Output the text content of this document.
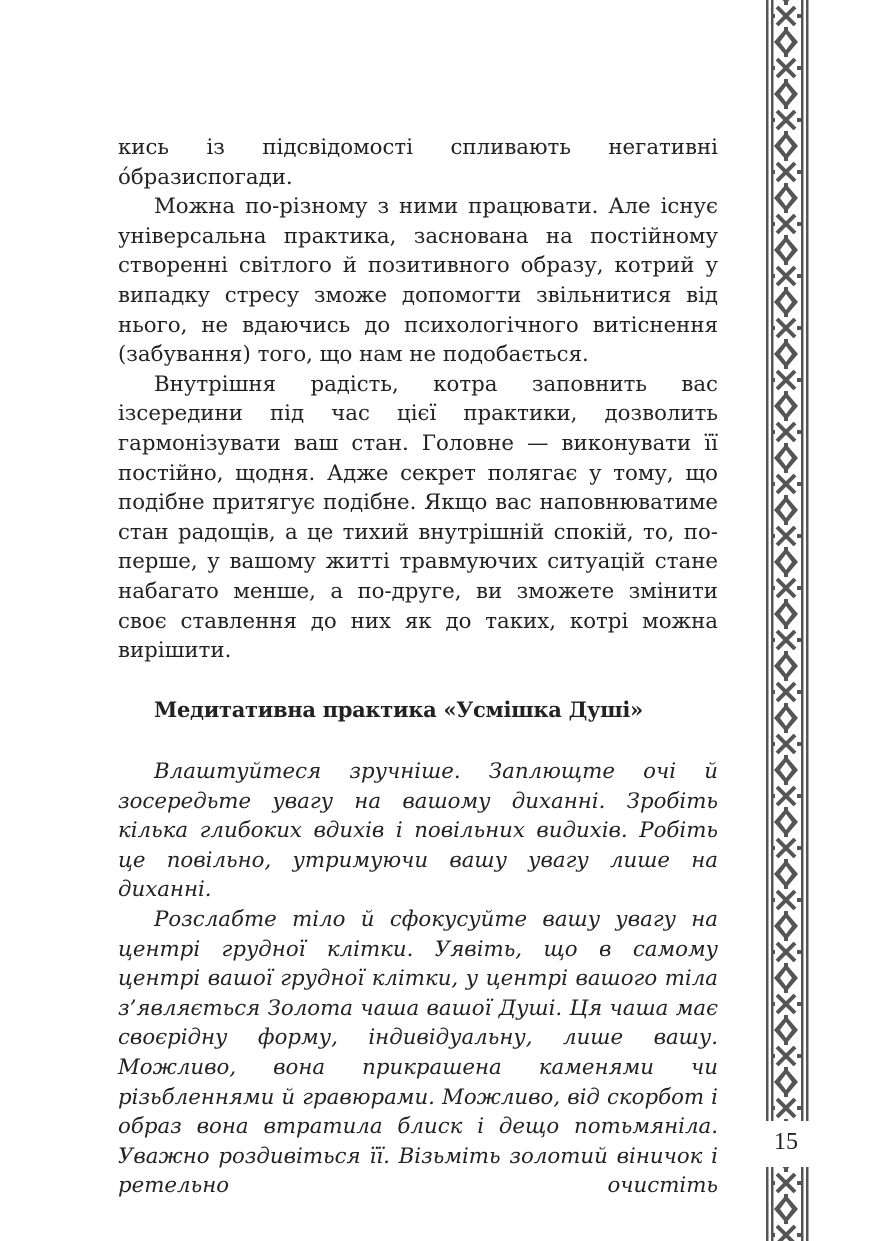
кись із підсвідомості спливають негативні о́бразиспогади.

Можна по-різному з ними працювати. Але існує універсальна практика, заснована на постійному створенні світлого й позитивного образу, котрий у випадку стресу зможе допомогти звільнитися від нього, не вдаючись до психологічного витіснення (забування) того, що нам не подобається.

Внутрішня радість, котра заповнить вас ізсередини під час цієї практики, дозволить гармонізувати ваш стан. Головне — виконувати її постійно, щодня. Адже секрет полягає у тому, що подібне притягує подібне. Якщо вас наповнюватиме стан радощів, а це тихий внутрішній спокій, то, по-перше, у вашому житті травмуючих ситуацій стане набагато менше, а по-друге, ви зможете змінити своє ставлення до них як до таких, котрі можна вирішити.

Медитативна практика «Усмішка Душі»

Влаштуйтеся зручніше. Заплющте очі й зосередьте увагу на вашому диханні. Зробіть кілька глибоких вдихів і повільних видихів. Робіть це повільно, утримуючи вашу увагу лише на диханні.

Розслабте тіло й сфокусуйте вашу увагу на центрі грудної клітки. Уявіть, що в самому центрі вашої грудної клітки, у центрі вашого тіла з’являється Золота чаша вашої Душі. Ця чаша має своєрідну форму, індивідуальну, лише вашу. Можливо, вона прикрашена каменями чи різьбленнями й гравюрами. Можливо, від скорбот і образ вона втратила блиск і дещо потьмяніла. Уважно роздивіться її. Візьміть золотий віничок і ретельно очистіть

15
